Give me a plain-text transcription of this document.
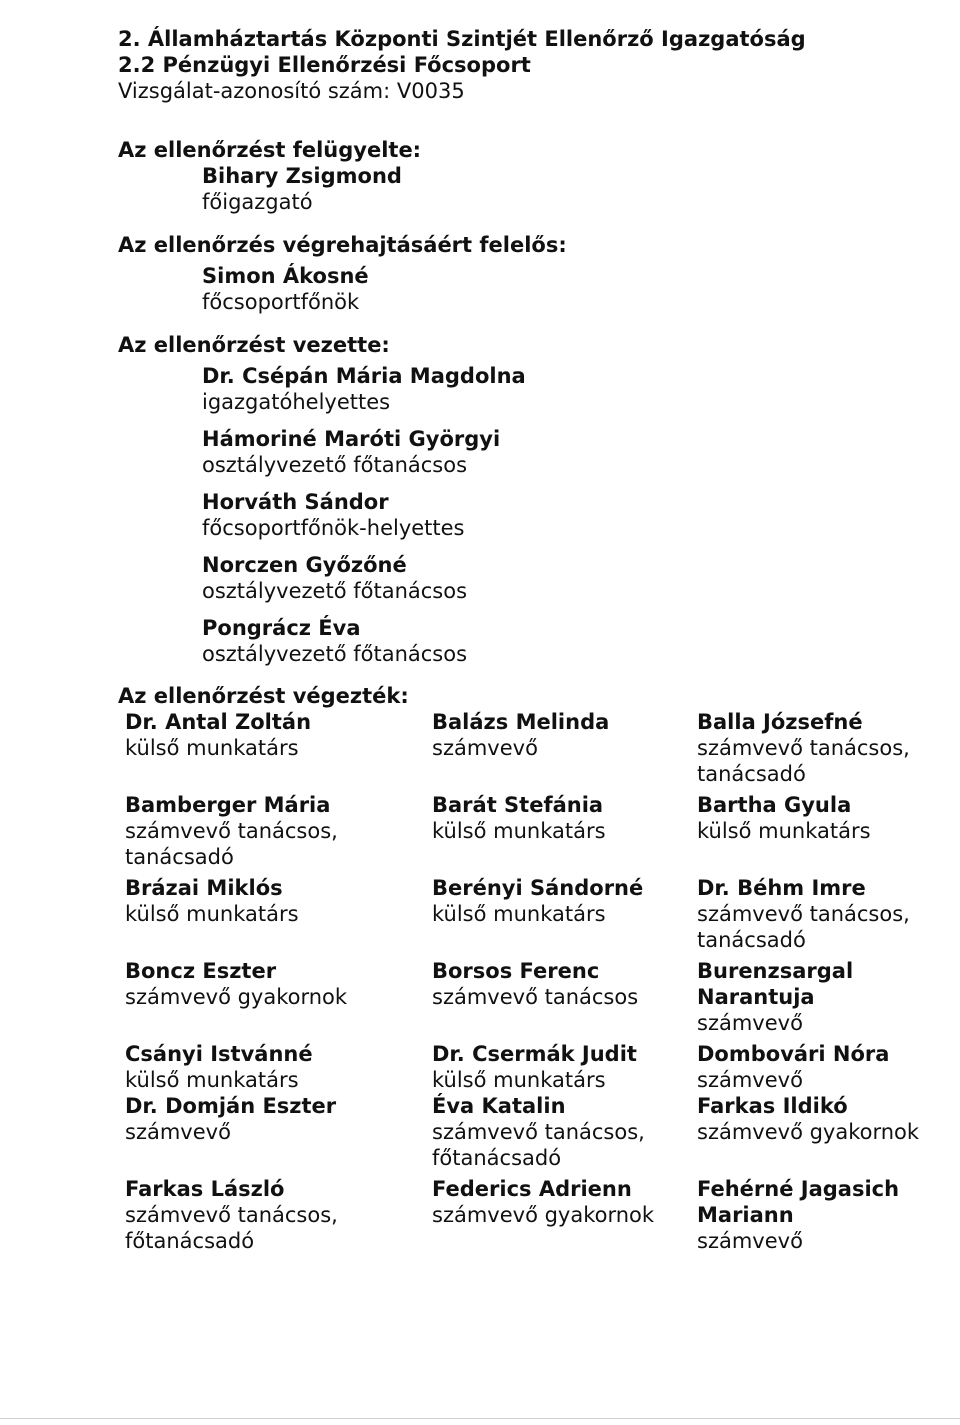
2. Államháztartás Központi Szintjét Ellenőrző Igazgatóság
2.2 Pénzügyi Ellenőrzési Főcsoport
Vizsgálat-azonosító szám: V0035
Az ellenőrzést felügyelte:
Bihary Zsigmond
főigazgató
Az ellenőrzés végrehajtásáért felelős:
Simon Ákosné
főcsoportfőnök
Az ellenőrzést vezette:
Dr. Csépán Mária Magdolna
igazgatóhelyettes
Hámoriné Maróti Györgyi
osztályvezető főtanácsos
Horváth Sándor
főcsoportfőnök-helyettes
Norczen Győzőné
osztályvezető főtanácsos
Pongrácz Éva
osztályvezető főtanácsos
Az ellenőrzést végezték:
Dr. Antal Zoltán
külső munkatárs
Balázs Melinda
számvevő
Balla Józsefné
számvevő tanácsos,
tanácsadó
Bamberger Mária
számvevő tanácsos,
tanácsadó
Barát Stefánia
külső munkatárs
Bartha Gyula
külső munkatárs
Brázai Miklós
külső munkatárs
Berényi Sándorné
külső munkatárs
Dr. Béhm Imre
számvevő tanácsos,
tanácsadó
Boncz Eszter
számvevő gyakornok
Borsos Ferenc
számvevő tanácsos
Burenzsargal
Narantuja
számvevő
Csányi Istvánné
külső munkatárs
Dr. Csermák Judit
külső munkatárs
Dombovári Nóra
számvevő
Dr. Domján Eszter
számvevő
Éva Katalin
számvevő tanácsos,
főtanácsadó
Farkas Ildikó
számvevő gyakornok
Farkas László
számvevő tanácsos,
főtanácsadó
Federics Adrienn
számvevő gyakornok
Fehérné Jagasich
Mariann
számvevő
